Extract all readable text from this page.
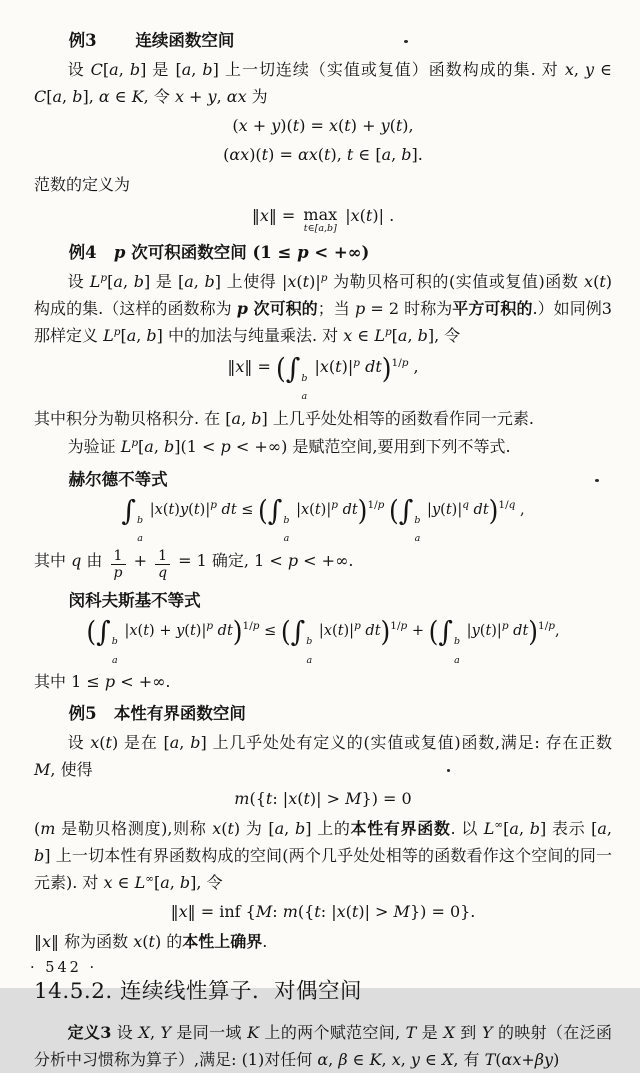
例3 连续函数空间

设 C[a, b] 是 [a, b] 上一切连续（实值或复值）函数构成的集. 对 x, y ∈ C[a, b], α ∈ K, 令 x + y, αx 为

(x + y)(t) = x(t) + y(t),
(αx)(t) = αx(t), t ∈ [a, b].

范数的定义为

‖x‖ = max
t∈[a,b]
|x(t)| .
例4 p 次可积函数空间 (1 ≤ p < +∞)

设 $L^p[a$, b] 是 [a, b] 上使得 $|x(t)|^p$ 为勒贝格可积的(实值或复值)函数 x(t) 构成的集.（这样的函数称为 p 次可积的；当 p = 2 时称为平方可积的.）如同例3那样定义 $L^p[a$, b] 中的加法与纯量乘法. 对 x ∈ $L^p[a$, b], 令

‖x‖ = (∫ b
a
$|x(t)|^p$ dt)$^{1/p}$ ,

其中积分为勒贝格积分. 在 [a, b] 上几乎处处相等的函数看作同一元素.

为验证 $L^p[a$, b](1 < p < +∞) 是赋范空间,要用到下列不等式.

赫尔德不等式
∫ b
a
$|x(t)y(t)|^p$ dt ≤ (∫ b
a
$|x(t)|^p$ dt)$^{1/p}$ (∫ b
a
$|y(t)|^q$ dt)$^{1/q}$ ,

其中 q 由 $\frac{1}{p} + \frac{1}{q} = 1$ 确定, 1 < p < +∞.

闵科夫斯基不等式
(∫ b
a
$|x(t) + y(t)|^p$ dt)$^{1/p}$ ≤ (∫ b
a
$|x(t)|^p$ dt)$^{1/p}$ + (∫ b
a
$|y(t)|^p$ dt)$^{1/p}$,

其中 1 ≤ p < +∞.

例5 本性有界函数空间

设 x(t) 是在 [a, b] 上几乎处处有定义的(实值或复值)函数,满足: 存在正数 M, 使得

m({t: |x(t)| > M}) = 0

(m 是勒贝格测度),则称 x(t) 为 [a, b] 上的本性有界函数. 以 L∞[a, b] 表示 [a, b] 上一切本性有界函数构成的空间(两个几乎处处相等的函数看作这个空间的同一元素). 对 x ∈ L∞[a, b], 令

‖x‖ = inf {M: m({t: |x(t)| > M}) = 0}.

‖x‖ 称为函数 x(t) 的本性上确界.

14.5.2. 连续线性算子．对偶空间

定义3 设 X, Y 是同一域 K 上的两个赋范空间, T 是 X 到 Y 的映射（在泛函分析中习惯称为算子）,满足: (1)对任何 α, β ∈ K, x, y ∈ X, 有 T(αx+βy)

· 542 ·
